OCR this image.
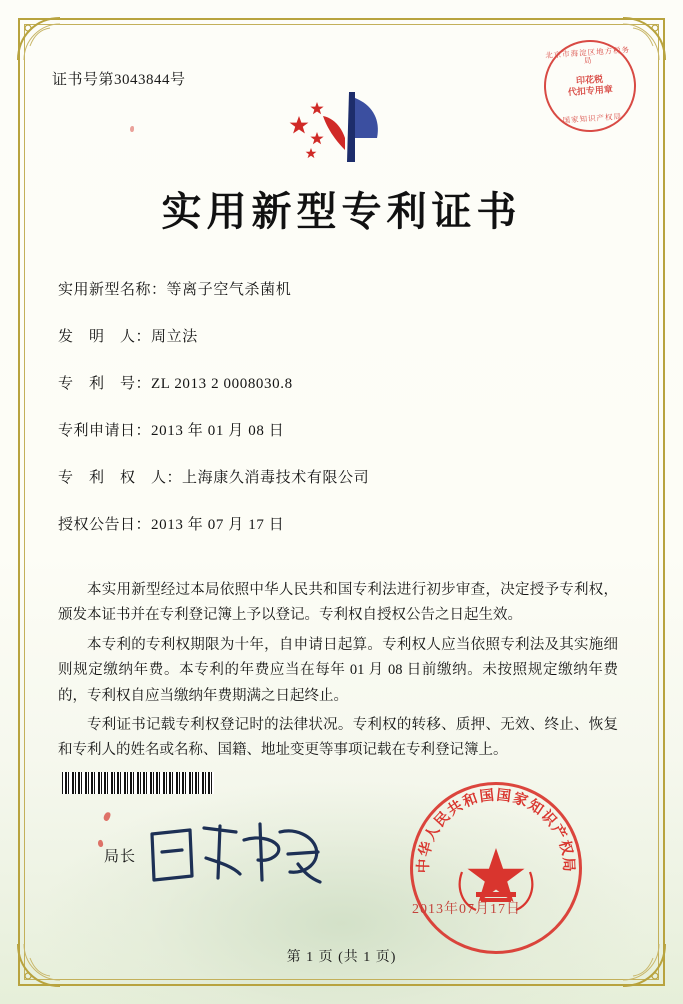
证书号第3043844号
北京市海淀区地方税务局
印花税
代扣专用章
国家知识产权局
实用新型专利证书
实用新型名称： 等离子空气杀菌机
发　明　人： 周立法
专　利　号： ZL 2013 2 0008030.8
专利申请日： 2013 年 01 月 08 日
专　利　权　人： 上海康久消毒技术有限公司
授权公告日： 2013 年 07 月 17 日

本实用新型经过本局依照中华人民共和国专利法进行初步审查，决定授予专利权，颁发本证书并在专利登记簿上予以登记。专利权自授权公告之日起生效。

本专利的专利权期限为十年，自申请日起算。专利权人应当依照专利法及其实施细则规定缴纳年费。本专利的年费应当在每年 01 月 08 日前缴纳。未按照规定缴纳年费的，专利权自应当缴纳年费期满之日起终止。

专利证书记载专利权登记时的法律状况。专利权的转移、质押、无效、终止、恢复和专利人的姓名或名称、国籍、地址变更等事项记载在专利登记簿上。

局长	中华人民共和国国家知识产权局
2013年07月17日
第 1 页 (共 1 页)
